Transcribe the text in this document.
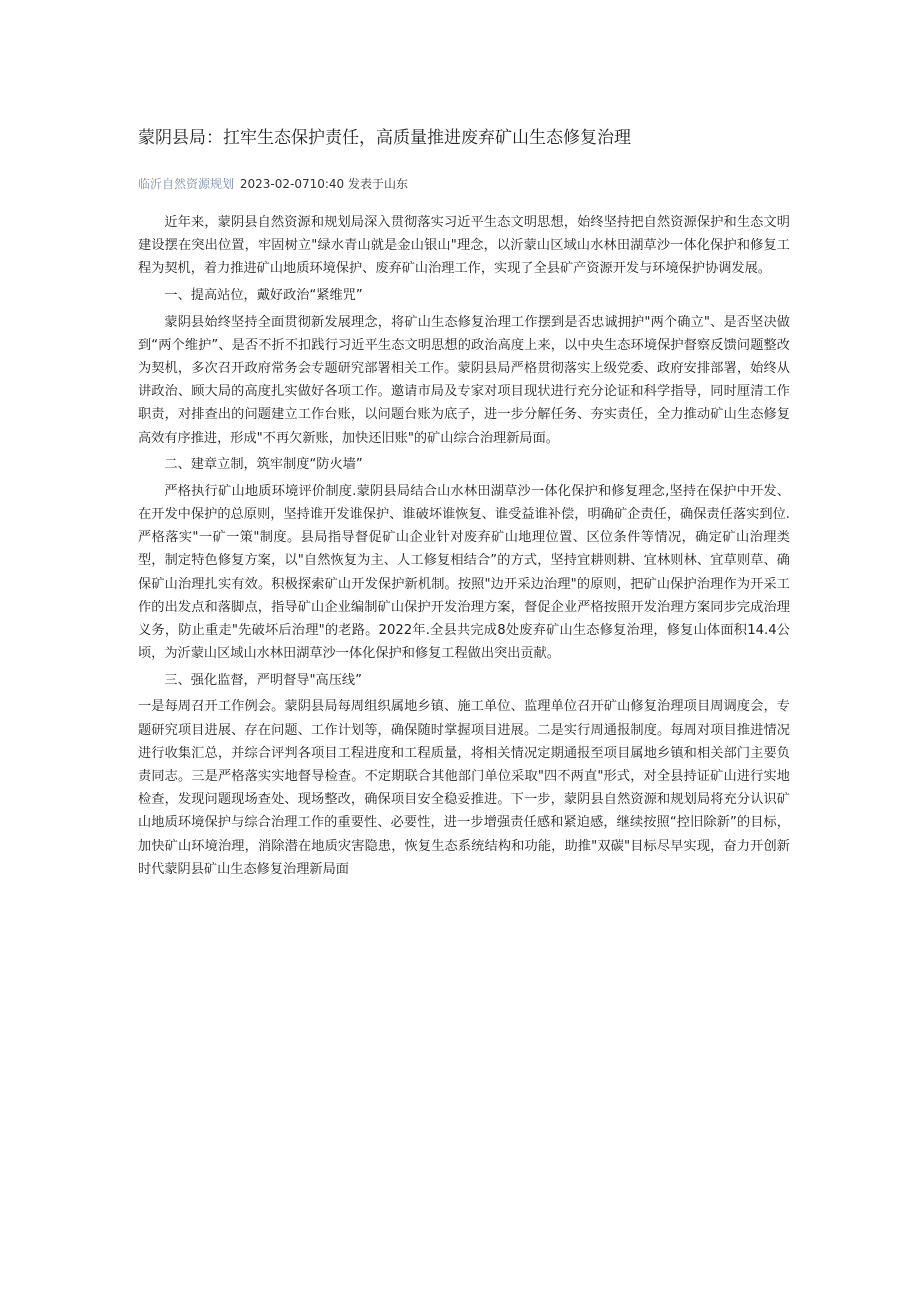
蒙阴县局：扛牢生态保护责任，高质量推进废弃矿山生态修复治理
临沂自然资源规划 2023-02-0710:40 发表于山东

近年来，蒙阴县自然资源和规划局深入贯彻落实习近平生态文明思想，始终坚持把自然资源保护和生态文明建设摆在突出位置，牢固树立"绿水青山就是金山银山"理念，以沂蒙山区域山水林田湖草沙一体化保护和修复工程为契机，着力推进矿山地质环境保护、废弃矿山治理工作，实现了全县矿产资源开发与环境保护协调发展。

一、提高站位，戴好政治“紧维咒”

蒙阴县始终坚持全面贯彻新发展理念，将矿山生态修复治理工作摆到是否忠诚拥护"两个确立"、是否坚决做到“两个维护”、是否不折不扣践行习近平生态文明思想的政治高度上来，以中央生态环境保护督察反馈问题整改为契机，多次召开政府常务会专题研究部署相关工作。蒙阴县局严格贯彻落实上级党委、政府安排部署，始终从讲政治、顾大局的高度扎实做好各项工作。邀请市局及专家对项目现状进行充分论证和科学指导，同时厘清工作职责，对排查出的问题建立工作台账，以问题台账为底子，进一步分解任务、夯实责任，全力推动矿山生态修复高效有序推进，形成"不再欠新账，加快还旧账"的矿山综合治理新局面。

二、建章立制，筑牢制度“防火墙”

严格执行矿山地质环境评价制度.蒙阴县局结合山水林田湖草沙一体化保护和修复理念,坚持在保护中开发、在开发中保护的总原则，坚持谁开发谁保护、谁破坏谁恢复、谁受益谁补偿，明确矿企责任，确保责任落实到位.严格落实"一矿一策"制度。县局指导督促矿山企业针对废弃矿山地理位置、区位条件等情况，确定矿山治理类型，制定特色修复方案，以"自然恢复为主、人工修复相结合”的方式，坚持宜耕则耕、宜林则林、宜草则草、确保矿山治理扎实有效。积极探索矿山开发保护新机制。按照"边开采边治理"的原则，把矿山保护治理作为开采工作的出发点和落脚点，指导矿山企业编制矿山保护开发治理方案，督促企业严格按照开发治理方案同步完成治理义务，防止重走"先破坏后治理"的老路。2022年.全县共完成8处废弃矿山生态修复治理，修复山体面积14.4公顷，为沂蒙山区域山水林田湖草沙一体化保护和修复工程做出突出贡献。

三、强化监督，严明督导"高压线”

一是每周召开工作例会。蒙阴县局每周组织属地乡镇、施工单位、监理单位召开矿山修复治理项目周调度会，专题研究项目进展、存在问题、工作计划等，确保随时掌握项目进展。二是实行周通报制度。每周对项目推进情况进行收集汇总，并综合评判各项目工程进度和工程质量，将相关情况定期通报至项目属地乡镇和相关部门主要负责同志。三是严格落实实地督导检查。不定期联合其他部门单位采取"四不两直"形式，对全县持证矿山进行实地检查，发现问题现场查处、现场整改，确保项目安全稳妥推进。下一步，蒙阴县自然资源和规划局将充分认识矿山地质环境保护与综合治理工作的重要性、必要性，进一步增强责任感和紧迫感，继续按照“控旧除新”的目标，加快矿山环境治理，消除潜在地质灾害隐患，恢复生态系统结构和功能，助推"双碳"目标尽早实现，奋力开创新时代蒙阴县矿山生态修复治理新局面
